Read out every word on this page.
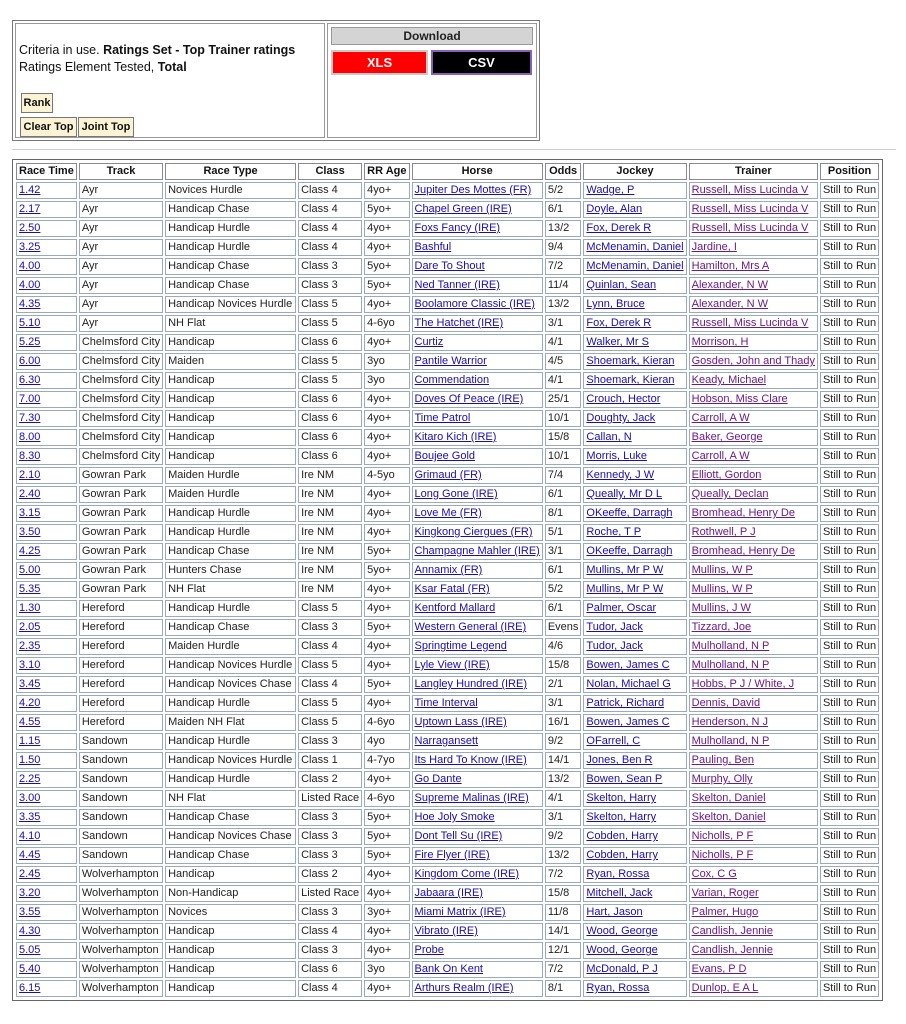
Criteria in use. Ratings Set - Top Trainer ratings
Ratings Element Tested, Total
Rank
Clear Top Joint Top
Download
XLS	CSV
Race Time	Track	Race Type	Class	RR Age	Horse	Odds	Jockey	Trainer	Position
1.42	Ayr	Novices Hurdle	Class 4	4yo+	Jupiter Des Mottes (FR)	5/2	Wadge, P	Russell, Miss Lucinda V	Still to Run
2.17	Ayr	Handicap Chase	Class 4	5yo+	Chapel Green (IRE)	6/1	Doyle, Alan	Russell, Miss Lucinda V	Still to Run
2.50	Ayr	Handicap Hurdle	Class 4	4yo+	Foxs Fancy (IRE)	13/2	Fox, Derek R	Russell, Miss Lucinda V	Still to Run
3.25	Ayr	Handicap Hurdle	Class 4	4yo+	Bashful	9/4	McMenamin, Daniel	Jardine, I	Still to Run
4.00	Ayr	Handicap Chase	Class 3	5yo+	Dare To Shout	7/2	McMenamin, Daniel	Hamilton, Mrs A	Still to Run
4.00	Ayr	Handicap Chase	Class 3	5yo+	Ned Tanner (IRE)	11/4	Quinlan, Sean	Alexander, N W	Still to Run
4.35	Ayr	Handicap Novices Hurdle	Class 5	4yo+	Boolamore Classic (IRE)	13/2	Lynn, Bruce	Alexander, N W	Still to Run
5.10	Ayr	NH Flat	Class 5	4-6yo	The Hatchet (IRE)	3/1	Fox, Derek R	Russell, Miss Lucinda V	Still to Run
5.25	Chelmsford City	Handicap	Class 6	4yo+	Curtiz	4/1	Walker, Mr S	Morrison, H	Still to Run
6.00	Chelmsford City	Maiden	Class 5	3yo	Pantile Warrior	4/5	Shoemark, Kieran	Gosden, John and Thady	Still to Run
6.30	Chelmsford City	Handicap	Class 5	3yo	Commendation	4/1	Shoemark, Kieran	Keady, Michael	Still to Run
7.00	Chelmsford City	Handicap	Class 6	4yo+	Doves Of Peace (IRE)	25/1	Crouch, Hector	Hobson, Miss Clare	Still to Run
7.30	Chelmsford City	Handicap	Class 6	4yo+	Time Patrol	10/1	Doughty, Jack	Carroll, A W	Still to Run
8.00	Chelmsford City	Handicap	Class 6	4yo+	Kitaro Kich (IRE)	15/8	Callan, N	Baker, George	Still to Run
8.30	Chelmsford City	Handicap	Class 6	4yo+	Boujee Gold	10/1	Morris, Luke	Carroll, A W	Still to Run
2.10	Gowran Park	Maiden Hurdle	Ire NM	4-5yo	Grimaud (FR)	7/4	Kennedy, J W	Elliott, Gordon	Still to Run
2.40	Gowran Park	Maiden Hurdle	Ire NM	4yo+	Long Gone (IRE)	6/1	Queally, Mr D L	Queally, Declan	Still to Run
3.15	Gowran Park	Handicap Hurdle	Ire NM	4yo+	Love Me (FR)	8/1	OKeeffe, Darragh	Bromhead, Henry De	Still to Run
3.50	Gowran Park	Handicap Hurdle	Ire NM	4yo+	Kingkong Ciergues (FR)	5/1	Roche, T P	Rothwell, P J	Still to Run
4.25	Gowran Park	Handicap Chase	Ire NM	5yo+	Champagne Mahler (IRE)	3/1	OKeeffe, Darragh	Bromhead, Henry De	Still to Run
5.00	Gowran Park	Hunters Chase	Ire NM	5yo+	Annamix (FR)	6/1	Mullins, Mr P W	Mullins, W P	Still to Run
5.35	Gowran Park	NH Flat	Ire NM	4yo+	Ksar Fatal (FR)	5/2	Mullins, Mr P W	Mullins, W P	Still to Run
1.30	Hereford	Handicap Hurdle	Class 5	4yo+	Kentford Mallard	6/1	Palmer, Oscar	Mullins, J W	Still to Run
2.05	Hereford	Handicap Chase	Class 3	5yo+	Western General (IRE)	Evens	Tudor, Jack	Tizzard, Joe	Still to Run
2.35	Hereford	Maiden Hurdle	Class 4	4yo+	Springtime Legend	4/6	Tudor, Jack	Mulholland, N P	Still to Run
3.10	Hereford	Handicap Novices Hurdle	Class 5	4yo+	Lyle View (IRE)	15/8	Bowen, James C	Mulholland, N P	Still to Run
3.45	Hereford	Handicap Novices Chase	Class 4	5yo+	Langley Hundred (IRE)	2/1	Nolan, Michael G	Hobbs, P J / White, J	Still to Run
4.20	Hereford	Handicap Hurdle	Class 5	4yo+	Time Interval	3/1	Patrick, Richard	Dennis, David	Still to Run
4.55	Hereford	Maiden NH Flat	Class 5	4-6yo	Uptown Lass (IRE)	16/1	Bowen, James C	Henderson, N J	Still to Run
1.15	Sandown	Handicap Hurdle	Class 3	4yo	Narragansett	9/2	OFarrell, C	Mulholland, N P	Still to Run
1.50	Sandown	Handicap Novices Hurdle	Class 1	4-7yo	Its Hard To Know (IRE)	14/1	Jones, Ben R	Pauling, Ben	Still to Run
2.25	Sandown	Handicap Hurdle	Class 2	4yo+	Go Dante	13/2	Bowen, Sean P	Murphy, Olly	Still to Run
3.00	Sandown	NH Flat	Listed Race	4-6yo	Supreme Malinas (IRE)	4/1	Skelton, Harry	Skelton, Daniel	Still to Run
3.35	Sandown	Handicap Chase	Class 3	5yo+	Hoe Joly Smoke	3/1	Skelton, Harry	Skelton, Daniel	Still to Run
4.10	Sandown	Handicap Novices Chase	Class 3	5yo+	Dont Tell Su (IRE)	9/2	Cobden, Harry	Nicholls, P F	Still to Run
4.45	Sandown	Handicap Chase	Class 3	5yo+	Fire Flyer (IRE)	13/2	Cobden, Harry	Nicholls, P F	Still to Run
2.45	Wolverhampton	Handicap	Class 2	4yo+	Kingdom Come (IRE)	7/2	Ryan, Rossa	Cox, C G	Still to Run
3.20	Wolverhampton	Non-Handicap	Listed Race	4yo+	Jabaara (IRE)	15/8	Mitchell, Jack	Varian, Roger	Still to Run
3.55	Wolverhampton	Novices	Class 3	3yo+	Miami Matrix (IRE)	11/8	Hart, Jason	Palmer, Hugo	Still to Run
4.30	Wolverhampton	Handicap	Class 4	4yo+	Vibrato (IRE)	14/1	Wood, George	Candlish, Jennie	Still to Run
5.05	Wolverhampton	Handicap	Class 3	4yo+	Probe	12/1	Wood, George	Candlish, Jennie	Still to Run
5.40	Wolverhampton	Handicap	Class 6	3yo	Bank On Kent	7/2	McDonald, P J	Evans, P D	Still to Run
6.15	Wolverhampton	Handicap	Class 4	4yo+	Arthurs Realm (IRE)	8/1	Ryan, Rossa	Dunlop, E A L	Still to Run
